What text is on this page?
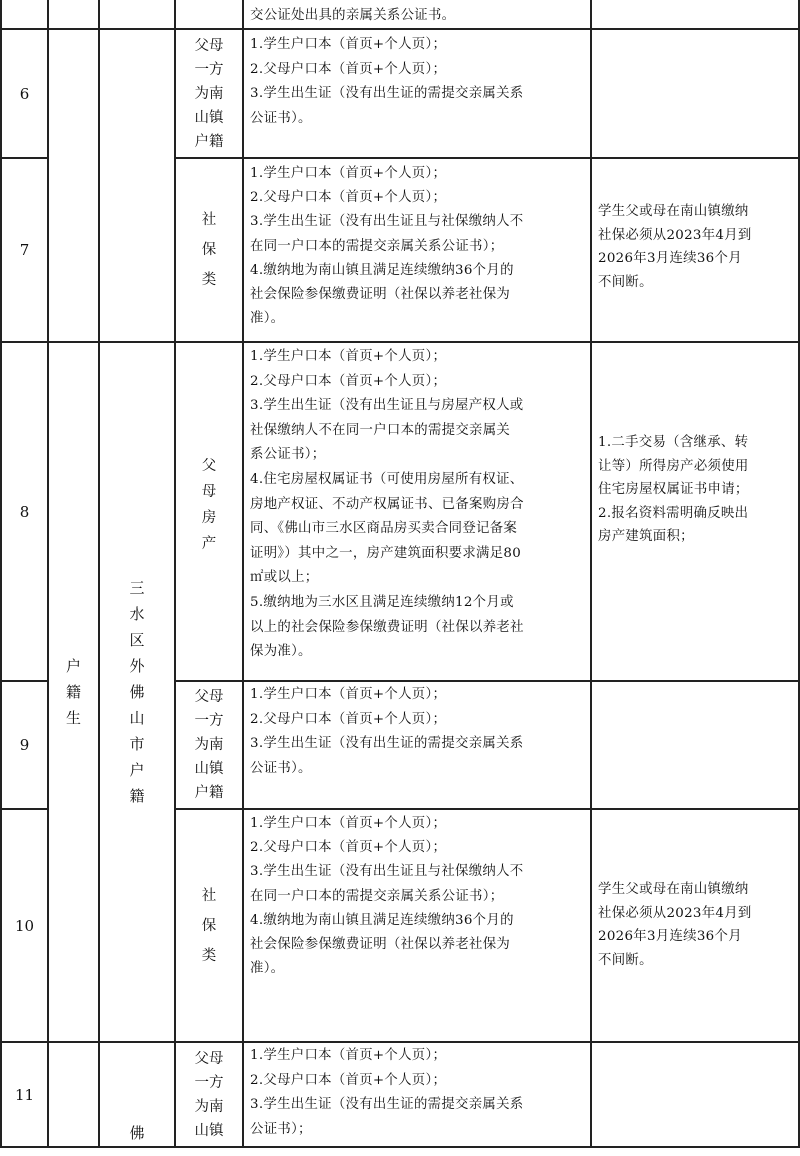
6
7
8
9
10
11
户
籍
生
三
水
区
外
佛
山
市
户
籍
佛
父母
一方
为南
山镇
户籍
社
保
类
父
母
房
产
父母
一方
为南
山镇
户籍
社
保
类
父母
一方
为南
山镇
交公证处出具的亲属关系公证书。
1.学生户口本（首页+个人页）；
2.父母户口本（首页+个人页）；
3.学生出生证（没有出生证的需提交亲属关系
公证书）。
1.学生户口本（首页+个人页）；
2.父母户口本（首页+个人页）；
3.学生出生证（没有出生证且与社保缴纳人不
在同一户口本的需提交亲属关系公证书）；
4.缴纳地为南山镇且满足连续缴纳36个月的
社会保险参保缴费证明（社保以养老社保为
准）。
1.学生户口本（首页+个人页）；
2.父母户口本（首页+个人页）；
3.学生出生证（没有出生证且与房屋产权人或
社保缴纳人不在同一户口本的需提交亲属关
系公证书）；
4.住宅房屋权属证书（可使用房屋所有权证、
房地产权证、不动产权属证书、已备案购房合
同、《佛山市三水区商品房买卖合同登记备案
证明》）其中之一，房产建筑面积要求满足80
㎡或以上；
5.缴纳地为三水区且满足连续缴纳12个月或
以上的社会保险参保缴费证明（社保以养老社
保为准）。
1.学生户口本（首页+个人页）；
2.父母户口本（首页+个人页）；
3.学生出生证（没有出生证的需提交亲属关系
公证书）。
1.学生户口本（首页+个人页）；
2.父母户口本（首页+个人页）；
3.学生出生证（没有出生证且与社保缴纳人不
在同一户口本的需提交亲属关系公证书）；
4.缴纳地为南山镇且满足连续缴纳36个月的
社会保险参保缴费证明（社保以养老社保为
准）。
1.学生户口本（首页+个人页）；
2.父母户口本（首页+个人页）；
3.学生出生证（没有出生证的需提交亲属关系
公证书）；
学生父或母在南山镇缴纳
社保必须从2023年4月到
2026年3月连续36个月
不间断。
1.二手交易（含继承、转
让等）所得房产必须使用
住宅房屋权属证书申请；
2.报名资料需明确反映出
房产建筑面积；
学生父或母在南山镇缴纳
社保必须从2023年4月到
2026年3月连续36个月
不间断。
